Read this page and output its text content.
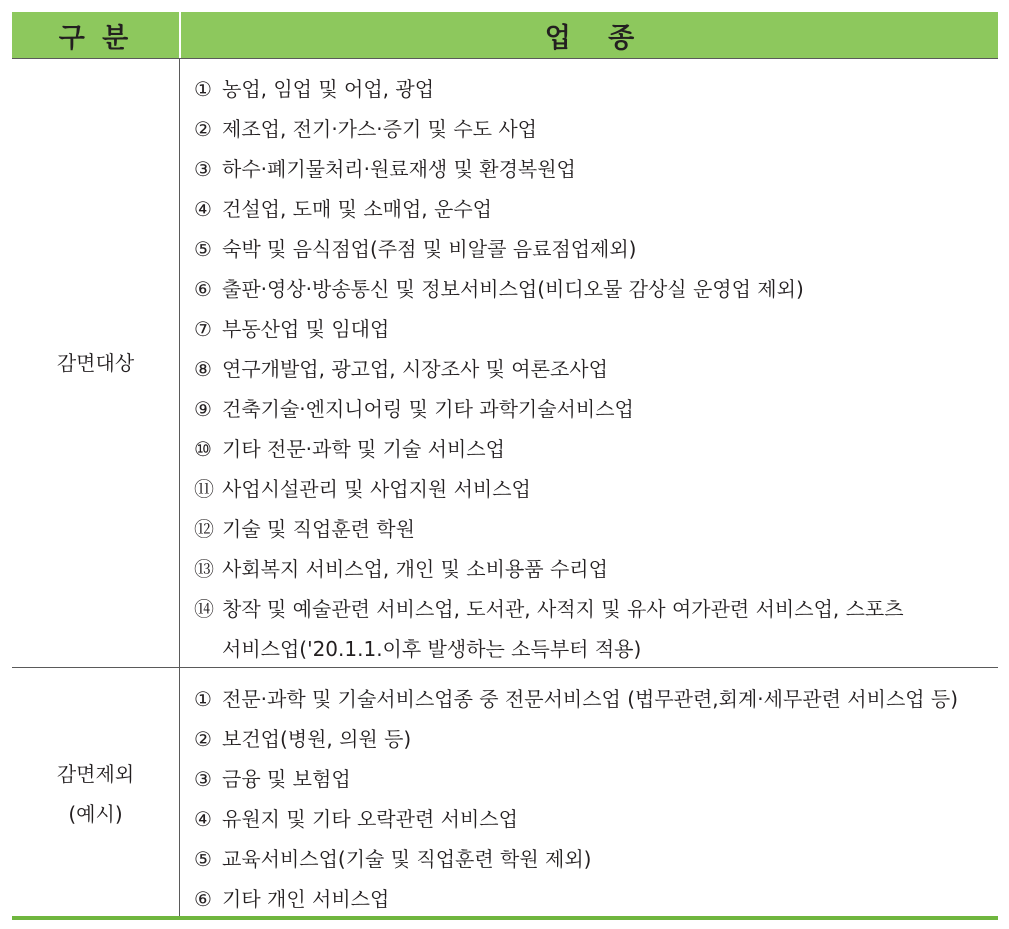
구 분	업 종
감면대상
① 농업, 임업 및 어업, 광업
② 제조업, 전기·가스·증기 및 수도 사업
③ 하수·폐기물처리·원료재생 및 환경복원업
④ 건설업, 도매 및 소매업, 운수업
⑤ 숙박 및 음식점업(주점 및 비알콜 음료점업제외)
⑥ 출판·영상·방송통신 및 정보서비스업(비디오물 감상실 운영업 제외)
⑦ 부동산업 및 임대업
⑧ 연구개발업, 광고업, 시장조사 및 여론조사업
⑨ 건축기술·엔지니어링 및 기타 과학기술서비스업
⑩ 기타 전문·과학 및 기술 서비스업
⑪ 사업시설관리 및 사업지원 서비스업
⑫ 기술 및 직업훈련 학원
⑬ 사회복지 서비스업, 개인 및 소비용품 수리업
⑭ 창작 및 예술관련 서비스업, 도서관, 사적지 및 유사 여가관련 서비스업, 스포츠
서비스업('20.1.1.이후 발생하는 소득부터 적용)
감면제외
(예시)
① 전문·과학 및 기술서비스업종 중 전문서비스업 (법무관련,회계·세무관련 서비스업 등)
② 보건업(병원, 의원 등)
③ 금융 및 보험업
④ 유원지 및 기타 오락관련 서비스업
⑤ 교육서비스업(기술 및 직업훈련 학원 제외)
⑥ 기타 개인 서비스업
